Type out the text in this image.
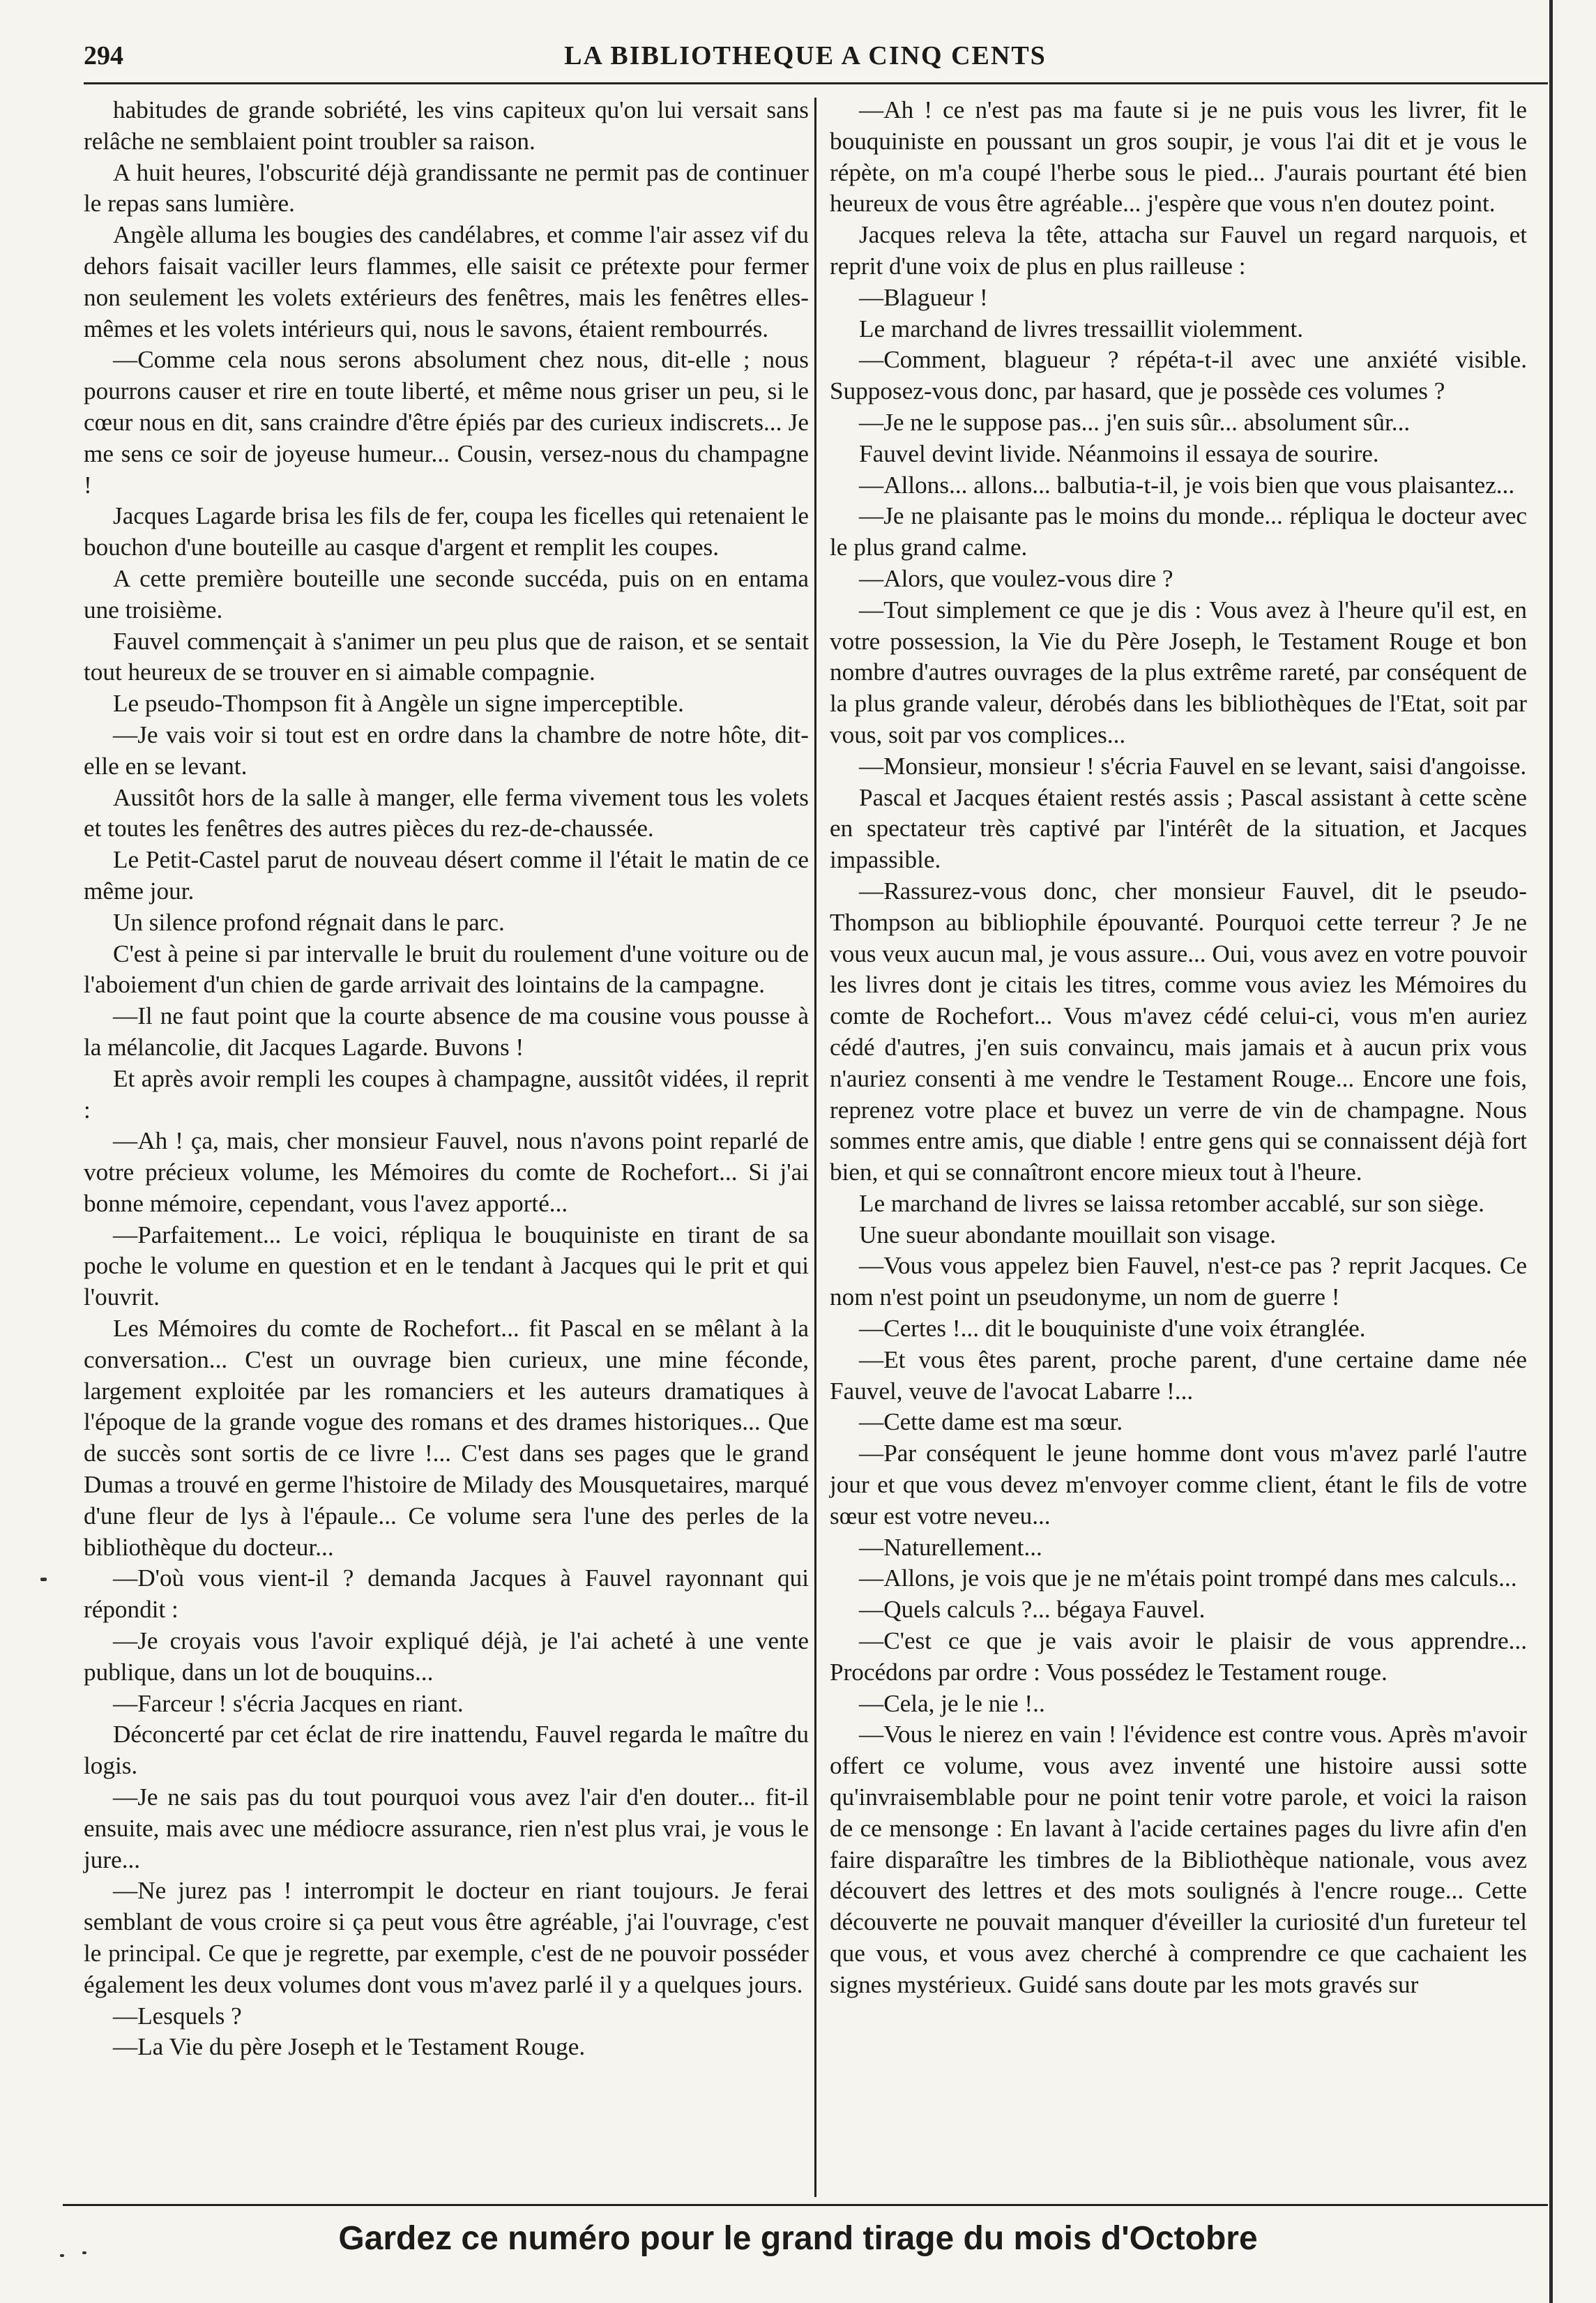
294	LA BIBLIOTHEQUE A CINQ CENTS

habitudes de grande sobriété, les vins capiteux qu'on lui versait sans relâche ne semblaient point troubler sa raison.

A huit heures, l'obscurité déjà grandissante ne permit pas de continuer le repas sans lumière.

Angèle alluma les bougies des candélabres, et comme l'air assez vif du dehors faisait vaciller leurs flammes, elle saisit ce prétexte pour fermer non seulement les volets extérieurs des fenêtres, mais les fenêtres elles-mêmes et les volets intérieurs qui, nous le savons, étaient rembourrés.

—Comme cela nous serons absolument chez nous, dit-elle ; nous pourrons causer et rire en toute liberté, et même nous griser un peu, si le cœur nous en dit, sans craindre d'être épiés par des curieux indiscrets... Je me sens ce soir de joyeuse humeur... Cousin, versez-nous du champagne !

Jacques Lagarde brisa les fils de fer, coupa les ficelles qui retenaient le bouchon d'une bouteille au casque d'argent et remplit les coupes.

A cette première bouteille une seconde succéda, puis on en entama une troisième.

Fauvel commençait à s'animer un peu plus que de raison, et se sentait tout heureux de se trouver en si aimable compagnie.

Le pseudo-Thompson fit à Angèle un signe imperceptible.

—Je vais voir si tout est en ordre dans la chambre de notre hôte, dit-elle en se levant.

Aussitôt hors de la salle à manger, elle ferma vivement tous les volets et toutes les fenêtres des autres pièces du rez-de-chaussée.

Le Petit-Castel parut de nouveau désert comme il l'était le matin de ce même jour.

Un silence profond régnait dans le parc.

C'est à peine si par intervalle le bruit du roulement d'une voiture ou de l'aboiement d'un chien de garde arrivait des lointains de la campagne.

—Il ne faut point que la courte absence de ma cousine vous pousse à la mélancolie, dit Jacques Lagarde. Buvons !

Et après avoir rempli les coupes à champagne, aussitôt vidées, il reprit :

—Ah ! ça, mais, cher monsieur Fauvel, nous n'avons point reparlé de votre précieux volume, les Mémoires du comte de Rochefort... Si j'ai bonne mémoire, cependant, vous l'avez apporté...

—Parfaitement... Le voici, répliqua le bouquiniste en tirant de sa poche le volume en question et en le tendant à Jacques qui le prit et qui l'ouvrit.

Les Mémoires du comte de Rochefort... fit Pascal en se mêlant à la conversation... C'est un ouvrage bien curieux, une mine féconde, largement exploitée par les romanciers et les auteurs dramatiques à l'époque de la grande vogue des romans et des drames historiques... Que de succès sont sortis de ce livre !... C'est dans ses pages que le grand Dumas a trouvé en germe l'histoire de Milady des Mousquetaires, marqué d'une fleur de lys à l'épaule... Ce volume sera l'une des perles de la bibliothèque du docteur...

—D'où vous vient-il ? demanda Jacques à Fauvel rayonnant qui répondit :

—Je croyais vous l'avoir expliqué déjà, je l'ai acheté à une vente publique, dans un lot de bouquins...

—Farceur ! s'écria Jacques en riant.

Déconcerté par cet éclat de rire inattendu, Fauvel regarda le maître du logis.

—Je ne sais pas du tout pourquoi vous avez l'air d'en douter... fit-il ensuite, mais avec une médiocre assurance, rien n'est plus vrai, je vous le jure...

—Ne jurez pas ! interrompit le docteur en riant toujours. Je ferai semblant de vous croire si ça peut vous être agréable, j'ai l'ouvrage, c'est le principal. Ce que je regrette, par exemple, c'est de ne pouvoir posséder également les deux volumes dont vous m'avez parlé il y a quelques jours.

—Lesquels ?

—La Vie du père Joseph et le Testament Rouge.

—Ah ! ce n'est pas ma faute si je ne puis vous les livrer, fit le bouquiniste en poussant un gros soupir, je vous l'ai dit et je vous le répète, on m'a coupé l'herbe sous le pied... J'aurais pourtant été bien heureux de vous être agréable... j'espère que vous n'en doutez point.

Jacques releva la tête, attacha sur Fauvel un regard narquois, et reprit d'une voix de plus en plus railleuse :

—Blagueur !

Le marchand de livres tressaillit violemment.

—Comment, blagueur ? répéta-t-il avec une anxiété visible. Supposez-vous donc, par hasard, que je possède ces volumes ?

—Je ne le suppose pas... j'en suis sûr... absolument sûr...

Fauvel devint livide. Néanmoins il essaya de sourire.

—Allons... allons... balbutia-t-il, je vois bien que vous plaisantez...

—Je ne plaisante pas le moins du monde... répliqua le docteur avec le plus grand calme.

—Alors, que voulez-vous dire ?

—Tout simplement ce que je dis : Vous avez à l'heure qu'il est, en votre possession, la Vie du Père Joseph, le Testament Rouge et bon nombre d'autres ouvrages de la plus extrême rareté, par conséquent de la plus grande valeur, dérobés dans les bibliothèques de l'Etat, soit par vous, soit par vos complices...

—Monsieur, monsieur ! s'écria Fauvel en se levant, saisi d'angoisse.

Pascal et Jacques étaient restés assis ; Pascal assistant à cette scène en spectateur très captivé par l'intérêt de la situation, et Jacques impassible.

—Rassurez-vous donc, cher monsieur Fauvel, dit le pseudo-Thompson au bibliophile épouvanté. Pourquoi cette terreur ? Je ne vous veux aucun mal, je vous assure... Oui, vous avez en votre pouvoir les livres dont je citais les titres, comme vous aviez les Mémoires du comte de Rochefort... Vous m'avez cédé celui-ci, vous m'en auriez cédé d'autres, j'en suis convaincu, mais jamais et à aucun prix vous n'auriez consenti à me vendre le Testament Rouge... Encore une fois, reprenez votre place et buvez un verre de vin de champagne. Nous sommes entre amis, que diable ! entre gens qui se connaissent déjà fort bien, et qui se connaîtront encore mieux tout à l'heure.

Le marchand de livres se laissa retomber accablé, sur son siège.

Une sueur abondante mouillait son visage.

—Vous vous appelez bien Fauvel, n'est-ce pas ? reprit Jacques. Ce nom n'est point un pseudonyme, un nom de guerre !

—Certes !... dit le bouquiniste d'une voix étranglée.

—Et vous êtes parent, proche parent, d'une certaine dame née Fauvel, veuve de l'avocat Labarre !...

—Cette dame est ma sœur.

—Par conséquent le jeune homme dont vous m'avez parlé l'autre jour et que vous devez m'envoyer comme client, étant le fils de votre sœur est votre neveu...

—Naturellement...

—Allons, je vois que je ne m'étais point trompé dans mes calculs...

—Quels calculs ?... bégaya Fauvel.

—C'est ce que je vais avoir le plaisir de vous apprendre... Procédons par ordre : Vous possédez le Testament rouge.

—Cela, je le nie !..

—Vous le nierez en vain ! l'évidence est contre vous. Après m'avoir offert ce volume, vous avez inventé une histoire aussi sotte qu'invraisemblable pour ne point tenir votre parole, et voici la raison de ce mensonge : En lavant à l'acide certaines pages du livre afin d'en faire disparaître les timbres de la Bibliothèque nationale, vous avez découvert des lettres et des mots soulignés à l'encre rouge... Cette découverte ne pouvait manquer d'éveiller la curiosité d'un fureteur tel que vous, et vous avez cherché à comprendre ce que cachaient les signes mystérieux. Guidé sans doute par les mots gravés sur

Gardez ce numéro pour le grand tirage du mois d'Octobre
